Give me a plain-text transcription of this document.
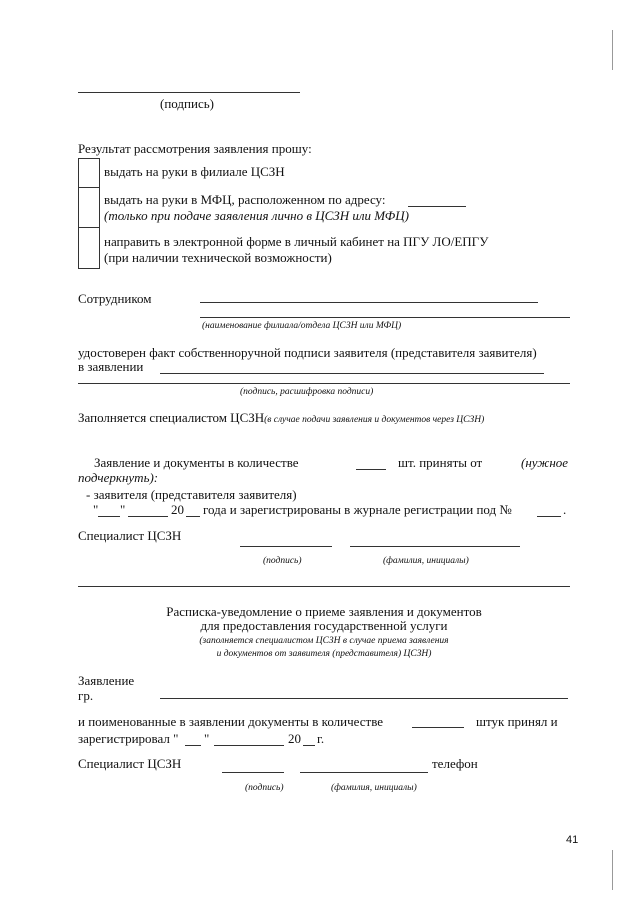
(подпись)
Результат рассмотрения заявления прошу:
выдать на руки в филиале ЦСЗН
выдать на руки в МФЦ, расположенном по адресу:
(только при подаче заявления лично в ЦСЗН или МФЦ)
направить в электронной форме в личный кабинет на ПГУ ЛО/ЕПГУ
(при наличии технической возможности)
Сотрудником
(наименование филиала/отдела ЦСЗН или МФЦ)
удостоверен факт собственноручной подписи заявителя (представителя заявителя)
в заявлении
(подпись, расшифровка подписи)
Заполняется специалистом ЦСЗН(в случае подачи заявления и документов через ЦСЗН)
Заявление и документы в количестве	шт. приняты от	(нужное
подчеркнуть):
- заявителя (представителя заявителя)
" "	20 года и зарегистрированы в журнале регистрации под №	.
Специалист ЦСЗН
(подпись)	(фамилия, инициалы)
Расписка-уведомление о приеме заявления и документов
для предоставления государственной услуги
(заполняется специалистом ЦСЗН в случае приема заявления
и документов от заявителя (представителя) ЦСЗН)
Заявление
гр.
и поименованные в заявлении документы в количестве	штук принял и
зарегистрировал " "	20 г.
Специалист ЦСЗН	телефон
(подпись)	(фамилия, инициалы)
41
